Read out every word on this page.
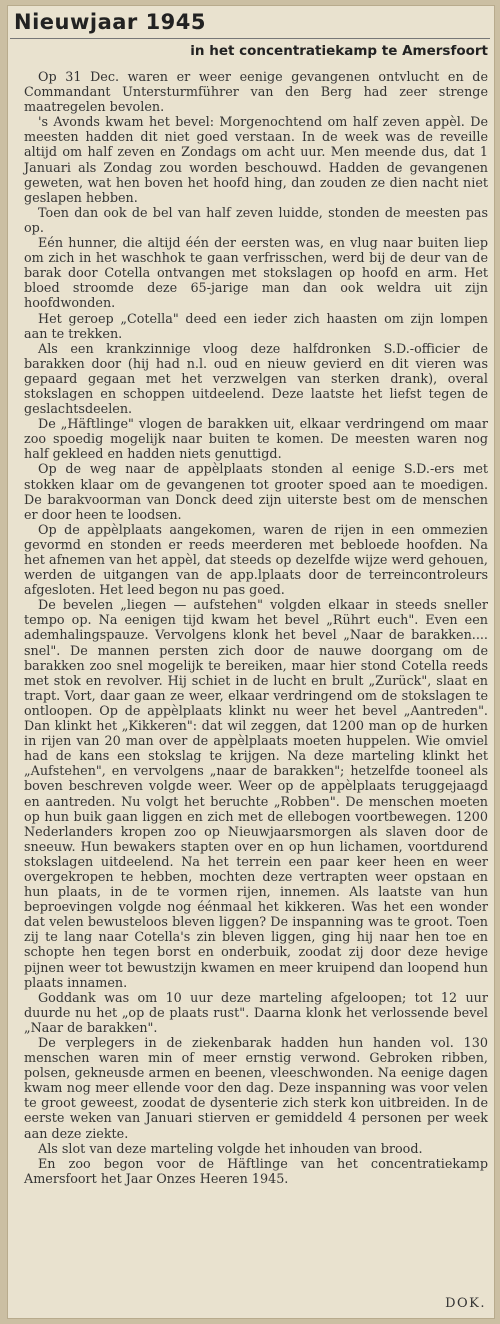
Nieuwjaar 1945
in het concentratiekamp te Amersfoort

Op 31 Dec. waren er weer eenige gevangenen ontvlucht en de Commandant Untersturmführer van den Berg had zeer strenge maatregelen bevolen.

's Avonds kwam het bevel: Morgenochtend om half zeven appèl. De meesten hadden dit niet goed verstaan. In de week was de reveille altijd om half zeven en Zondags om acht uur. Men meende dus, dat 1 Januari als Zondag zou worden beschouwd. Hadden de gevangenen geweten, wat hen boven het hoofd hing, dan zouden ze dien nacht niet geslapen hebben.

Toen dan ook de bel van half zeven luidde, stonden de meesten pas op.

Eén hunner, die altijd één der eersten was, en vlug naar buiten liep om zich in het waschhok te gaan verfrisschen, werd bij de deur van de barak door Cotella ontvangen met stokslagen op hoofd en arm. Het bloed stroomde deze 65-jarige man dan ook weldra uit zijn hoofdwonden.

Het geroep „Cotella" deed een ieder zich haasten om zijn lompen aan te trekken.

Als een krankzinnige vloog deze halfdronken S.D.-officier de barakken door (hij had n.l. oud en nieuw gevierd en dit vieren was gepaard gegaan met het verzwelgen van sterken drank), overal stokslagen en schoppen uitdeelend. Deze laatste het liefst tegen de geslachtsdeelen.

De „Häftlinge" vlogen de barakken uit, elkaar verdringend om maar zoo spoedig mogelijk naar buiten te komen. De meesten waren nog half gekleed en hadden niets genuttigd.

Op de weg naar de appèlplaats stonden al eenige S.D.-ers met stokken klaar om de gevangenen tot grooter spoed aan te moedigen. De barakvoorman van Donck deed zijn uiterste best om de menschen er door heen te loodsen.

Op de appèlplaats aangekomen, waren de rijen in een ommezien gevormd en stonden er reeds meerderen met bebloede hoofden. Na het afnemen van het appèl, dat steeds op dezelfde wijze werd gehouen, werden de uitgangen van de app.lplaats door de terreincontroleurs afgesloten. Het leed begon nu pas goed.

De bevelen „liegen — aufstehen" volgden elkaar in steeds sneller tempo op. Na eenigen tijd kwam het bevel „Rührt euch". Even een ademhalingspauze. Vervolgens klonk het bevel „Naar de barakken.... snel". De mannen persten zich door de nauwe doorgang om de barakken zoo snel mogelijk te bereiken, maar hier stond Cotella reeds met stok en revolver. Hij schiet in de lucht en brult „Zurück", slaat en trapt. Vort, daar gaan ze weer, elkaar verdringend om de stokslagen te ontloopen. Op de appèlplaats klinkt nu weer het bevel „Aantreden". Dan klinkt het „Kikkeren": dat wil zeggen, dat 1200 man op de hurken in rijen van 20 man over de appèlplaats moeten huppelen. Wie omviel had de kans een stokslag te krijgen. Na deze marteling klinkt het „Aufstehen", en vervolgens „naar de barakken"; hetzelfde tooneel als boven beschreven volgde weer. Weer op de appèlplaats teruggejaagd en aantreden. Nu volgt het beruchte „Robben". De menschen moeten op hun buik gaan liggen en zich met de ellebogen voortbewegen. 1200 Nederlanders kropen zoo op Nieuwjaarsmorgen als slaven door de sneeuw. Hun bewakers stapten over en op hun lichamen, voortdurend stokslagen uitdeelend. Na het terrein een paar keer heen en weer overgekropen te hebben, mochten deze vertrapten weer opstaan en hun plaats, in de te vormen rijen, innemen. Als laatste van hun beproevingen volgde nog éénmaal het kikkeren. Was het een wonder dat velen bewusteloos bleven liggen? De inspanning was te groot. Toen zij te lang naar Cotella's zin bleven liggen, ging hij naar hen toe en schopte hen tegen borst en onderbuik, zoodat zij door deze hevige pijnen weer tot bewustzijn kwamen en meer kruipend dan loopend hun plaats innamen.

Goddank was om 10 uur deze marteling afgeloopen; tot 12 uur duurde nu het „op de plaats rust". Daarna klonk het verlossende bevel „Naar de barakken".

De verplegers in de ziekenbarak hadden hun handen vol. 130 menschen waren min of meer ernstig verwond. Gebroken ribben, polsen, gekneusde armen en beenen, vleeschwonden. Na eenige dagen kwam nog meer ellende voor den dag. Deze inspanning was voor velen te groot geweest, zoodat de dysenterie zich sterk kon uitbreiden. In de eerste weken van Januari stierven er gemiddeld 4 personen per week aan deze ziekte.

Als slot van deze marteling volgde het inhouden van brood.

En zoo begon voor de Häftlinge van het concentratiekamp Amersfoort het Jaar Onzes Heeren 1945.

DOK.
